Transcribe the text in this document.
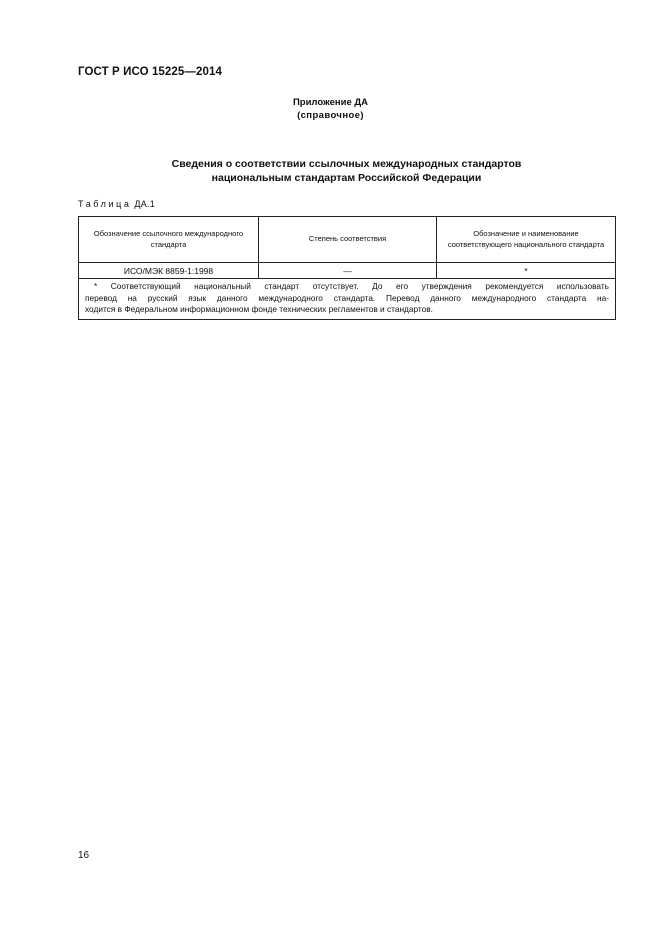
ГОСТ Р ИСО 15225—2014
Приложение ДА
(справочное)
Сведения о соответствии ссылочных международных стандартов
национальным стандартам Российской Федерации
Таблица ДА.1
Обозначение ссылочного международного стандарта	Степень соответствия	Обозначение и наименование соответствующего национального стандарта
ИСО/МЭК 8859-1:1998	—	*

* Соответствующий национальный стандарт отсутствует. До его утверждения рекомендуется использовать
перевод на русский язык данного международного стандарта. Перевод данного международного стандарта на-
ходится в Федеральном информационном фонде технических регламентов и стандартов.		
16
